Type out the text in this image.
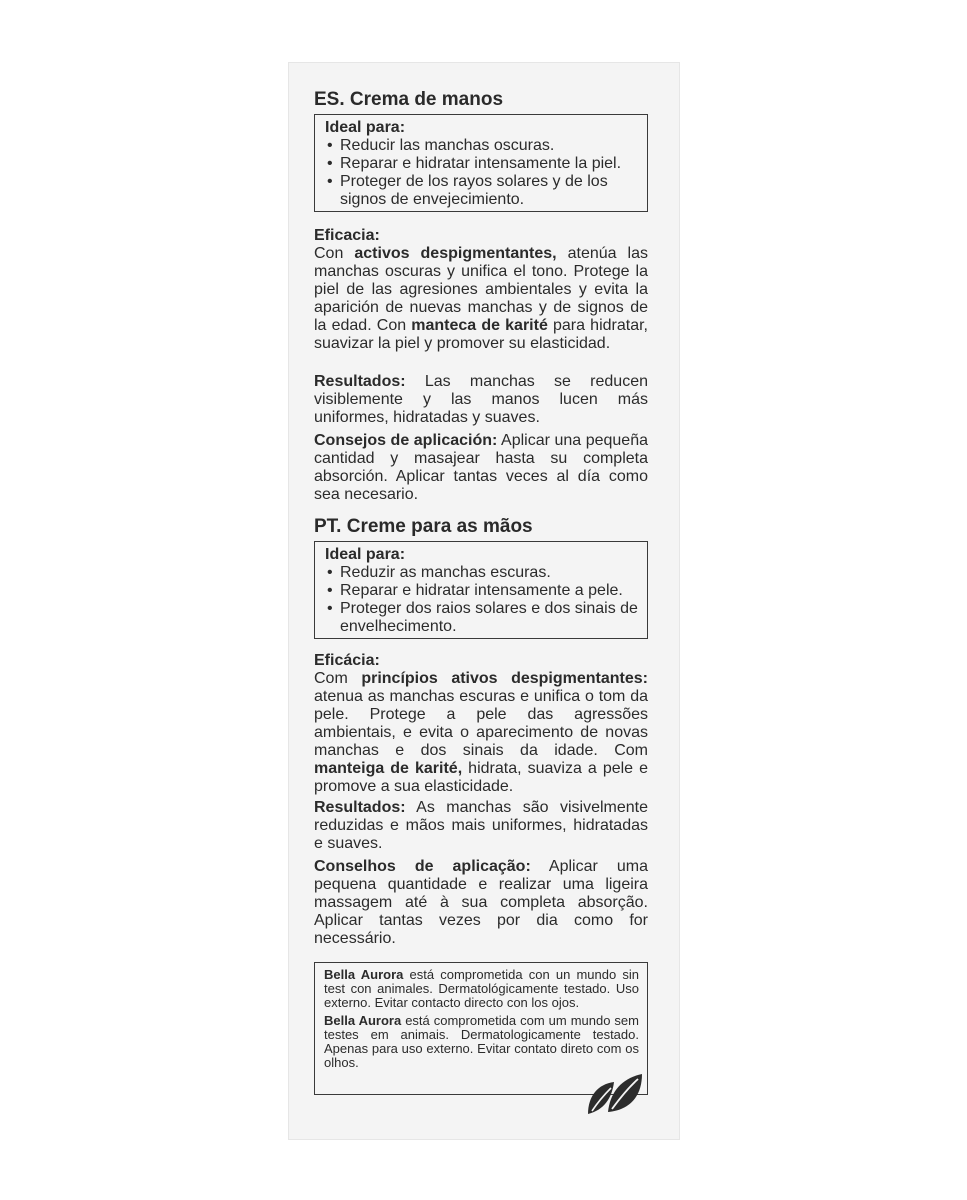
ES. Crema de manos
Ideal para:
• Reducir las manchas oscuras.
• Reparar e hidratar intensamente la piel.
• Proteger de los rayos solares y de los signos de envejecimiento.
Eficacia:
Con activos despigmentantes, atenúa las manchas oscuras y unifica el tono. Protege la piel de las agresiones ambientales y evita la aparición de nuevas manchas y de signos de la edad. Con manteca de karité para hidratar, suavizar la piel y promover su elasticidad.
Resultados: Las manchas se reducen visiblemente y las manos lucen más uniformes, hidratadas y suaves.
Consejos de aplicación: Aplicar una pequeña cantidad y masajear hasta su completa absorción. Aplicar tantas veces al día como sea necesario.
PT. Creme para as mãos
Ideal para:
• Reduzir as manchas escuras.
• Reparar e hidratar intensamente a pele.
• Proteger dos raios solares e dos sinais de envelhecimento.
Eficácia:
Com princípios ativos despigmentantes: atenua as manchas escuras e unifica o tom da pele. Protege a pele das agressões ambientais, e evita o aparecimento de novas manchas e dos sinais da idade. Com manteiga de karité, hidrata, suaviza a pele e promove a sua elasticidade.
Resultados: As manchas são visivelmente reduzidas e mãos mais uniformes, hidratadas e suaves.
Conselhos de aplicação: Aplicar uma pequena quantidade e realizar uma ligeira massagem até à sua completa absorção. Aplicar tantas vezes por dia como for necessário.

Bella Aurora está comprometida con un mundo sin test con animales. Dermatológicamente testado. Uso externo. Evitar contacto directo con los ojos.

Bella Aurora está comprometida com um mundo sem testes em animais. Dermatologicamente testado. Apenas para uso externo. Evitar contato direto com os olhos.
